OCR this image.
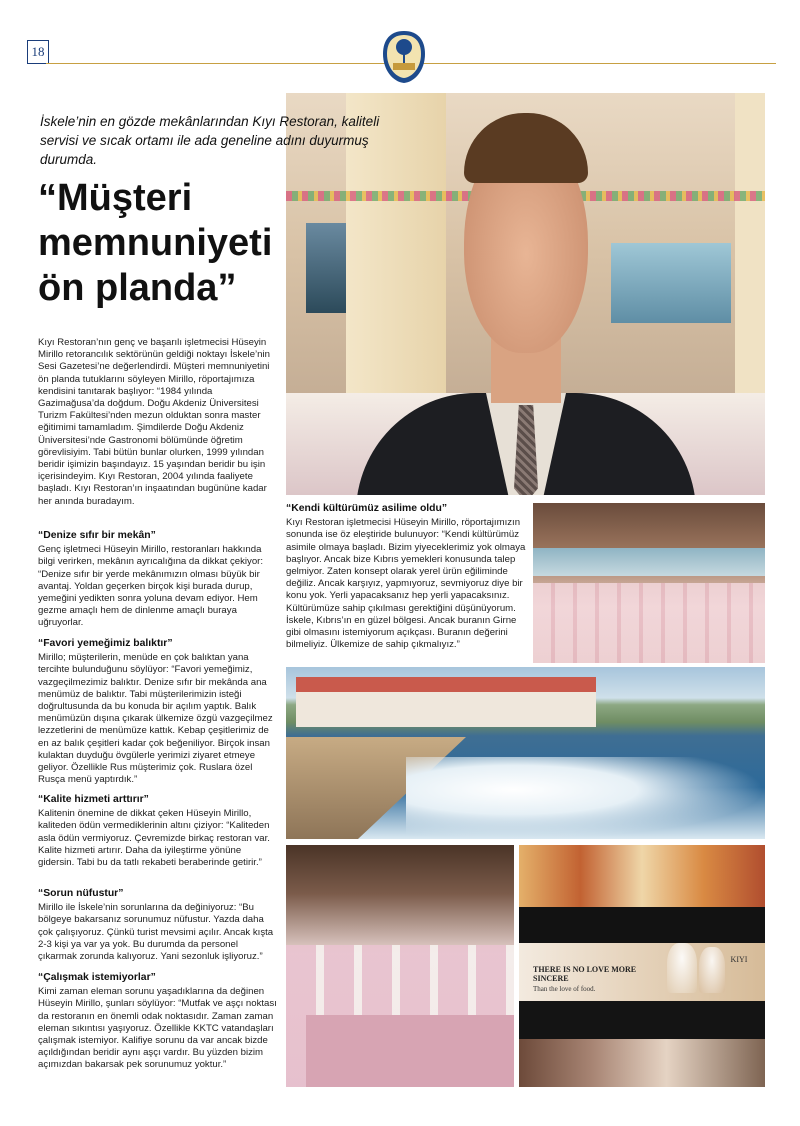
18
İskele’nin en gözde mekânlarından Kıyı Restoran, kaliteli servisi ve sıcak ortamı ile ada geneline adını duyurmuş durumda.
“Müşteri memnuniyeti ön planda”

Kıyı Restoran’nın genç ve başarılı işletmecisi Hüseyin Mirillo retorancılık sektörünün geldiği noktayı İskele’nin Sesi Gazetesi’ne değerlendirdi. Müşteri memnuniyetini ön planda tutuklarını söyleyen Mirillo, röportajımıza kendisini tanıtarak başlıyor: “1984 yılında Gazimağusa’da doğdum. Doğu Akdeniz Üniversitesi Turizm Fakültesi’nden mezun olduktan sonra master eğitimimi tamamladım. Şimdilerde Doğu Akdeniz Üniversitesi’nde Gastronomi bölümünde öğretim görevlisiyim. Tabi bütün bunlar olurken, 1999 yılından beridir işimizin başındayız. 15 yaşından beridir bu işin içerisindeyim. Kıyı Restoran, 2004 yılında faaliyete başladı. Kıyı Restoran’ın inşaatından bugününe kadar her anında buradayım.

“Denize sıfır bir mekân”

Genç işletmeci Hüseyin Mirillo, restoranları hakkında bilgi verirken, mekânın ayrıcalığına da dikkat çekiyor: “Denize sıfır bir yerde mekânımızın olması büyük bir avantaj. Yoldan geçerken birçok kişi burada durup, yemeğini yedikten sonra yoluna devam ediyor. Hem gezme amaçlı hem de dinlenme amaçlı buraya uğruyorlar.

“Favori yemeğimiz balıktır”

Mirillo; müşterilerin, menüde en çok balıktan yana tercihte bulunduğunu söylüyor: “Favori yemeğimiz, vazgeçilmezimiz balıktır. Denize sıfır bir mekânda ana menümüz de balıktır. Tabi müşterilerimizin isteği doğrultusunda da bu konuda bir açılım yaptık. Balık menümüzün dışına çıkarak ülkemize özgü vazgeçilmez lezzetlerini de menümüze kattık. Kebap çeşitlerimiz de en az balık çeşitleri kadar çok beğeniliyor. Birçok insan kulaktan duyduğu övgülerle yerimizi ziyaret etmeye geliyor. Özellikle Rus müşterimiz çok. Ruslara özel Rusça menü yaptırdık.”

“Kalite hizmeti arttırır”

Kalitenin önemine de dikkat çeken Hüseyin Mirillo, kaliteden ödün vermediklerinin altını çiziyor: “Kaliteden asla ödün vermiyoruz. Çevremizde birkaç restoran var. Kalite hizmeti artırır. Daha da iyileştirme yönüne gidersin. Tabi bu da tatlı rekabeti beraberinde getirir.”

“Sorun nüfustur”

Mirillo ile İskele’nin sorunlarına da değiniyoruz: “Bu bölgeye bakarsanız sorunumuz nüfustur. Yazda daha çok çalışıyoruz. Çünkü turist mevsimi açılır. Ancak kışta 2-3 kişi ya var ya yok. Bu durumda da personel çıkarmak zorunda kalıyoruz. Yani sezonluk işliyoruz.”

“Çalışmak istemiyorlar”

Kimi zaman eleman sorunu yaşadıklarına da değinen Hüseyin Mirillo, şunları söylüyor: “Mutfak ve aşçı noktası da restoranın en önemli odak noktasıdır. Zaman zaman eleman sıkıntısı yaşıyoruz. Özellikle KKTC vatandaşları çalışmak istemiyor. Kalifiye sorunu da var ancak bizde açıldığından beridir aynı aşçı vardır. Bu yüzden bizim açımızdan bakarsak pek sorunumuz yoktur.”

“Kendi kültürümüz asilime oldu”

Kıyı Restoran işletmecisi Hüseyin Mirillo, röportajımızın sonunda ise öz eleştiride bulunuyor: “Kendi kültürümüz asimile olmaya başladı. Bizim yiyeceklerimiz yok olmaya başlıyor. Ancak bize Kıbrıs yemekleri konusunda talep gelmiyor. Zaten konsept olarak yerel ürün eğiliminde değiliz. Ancak karşıyız, yapmıyoruz, sevmiyoruz diye bir konu yok. Yerli yapacaksanız hep yerli yapacaksınız. Kültürümüze sahip çıkılması gerektiğini düşünüyorum. İskele, Kıbrıs’ın en güzel bölgesi. Ancak buranın Girne gibi olmasını istemiyorum açıkçası. Buranın değerini bilmeliyiz. Ülkemize de sahip çıkmalıyız.”

THERE IS NO LOVE MORE SINCERE
Than the love of food.
KIYI
